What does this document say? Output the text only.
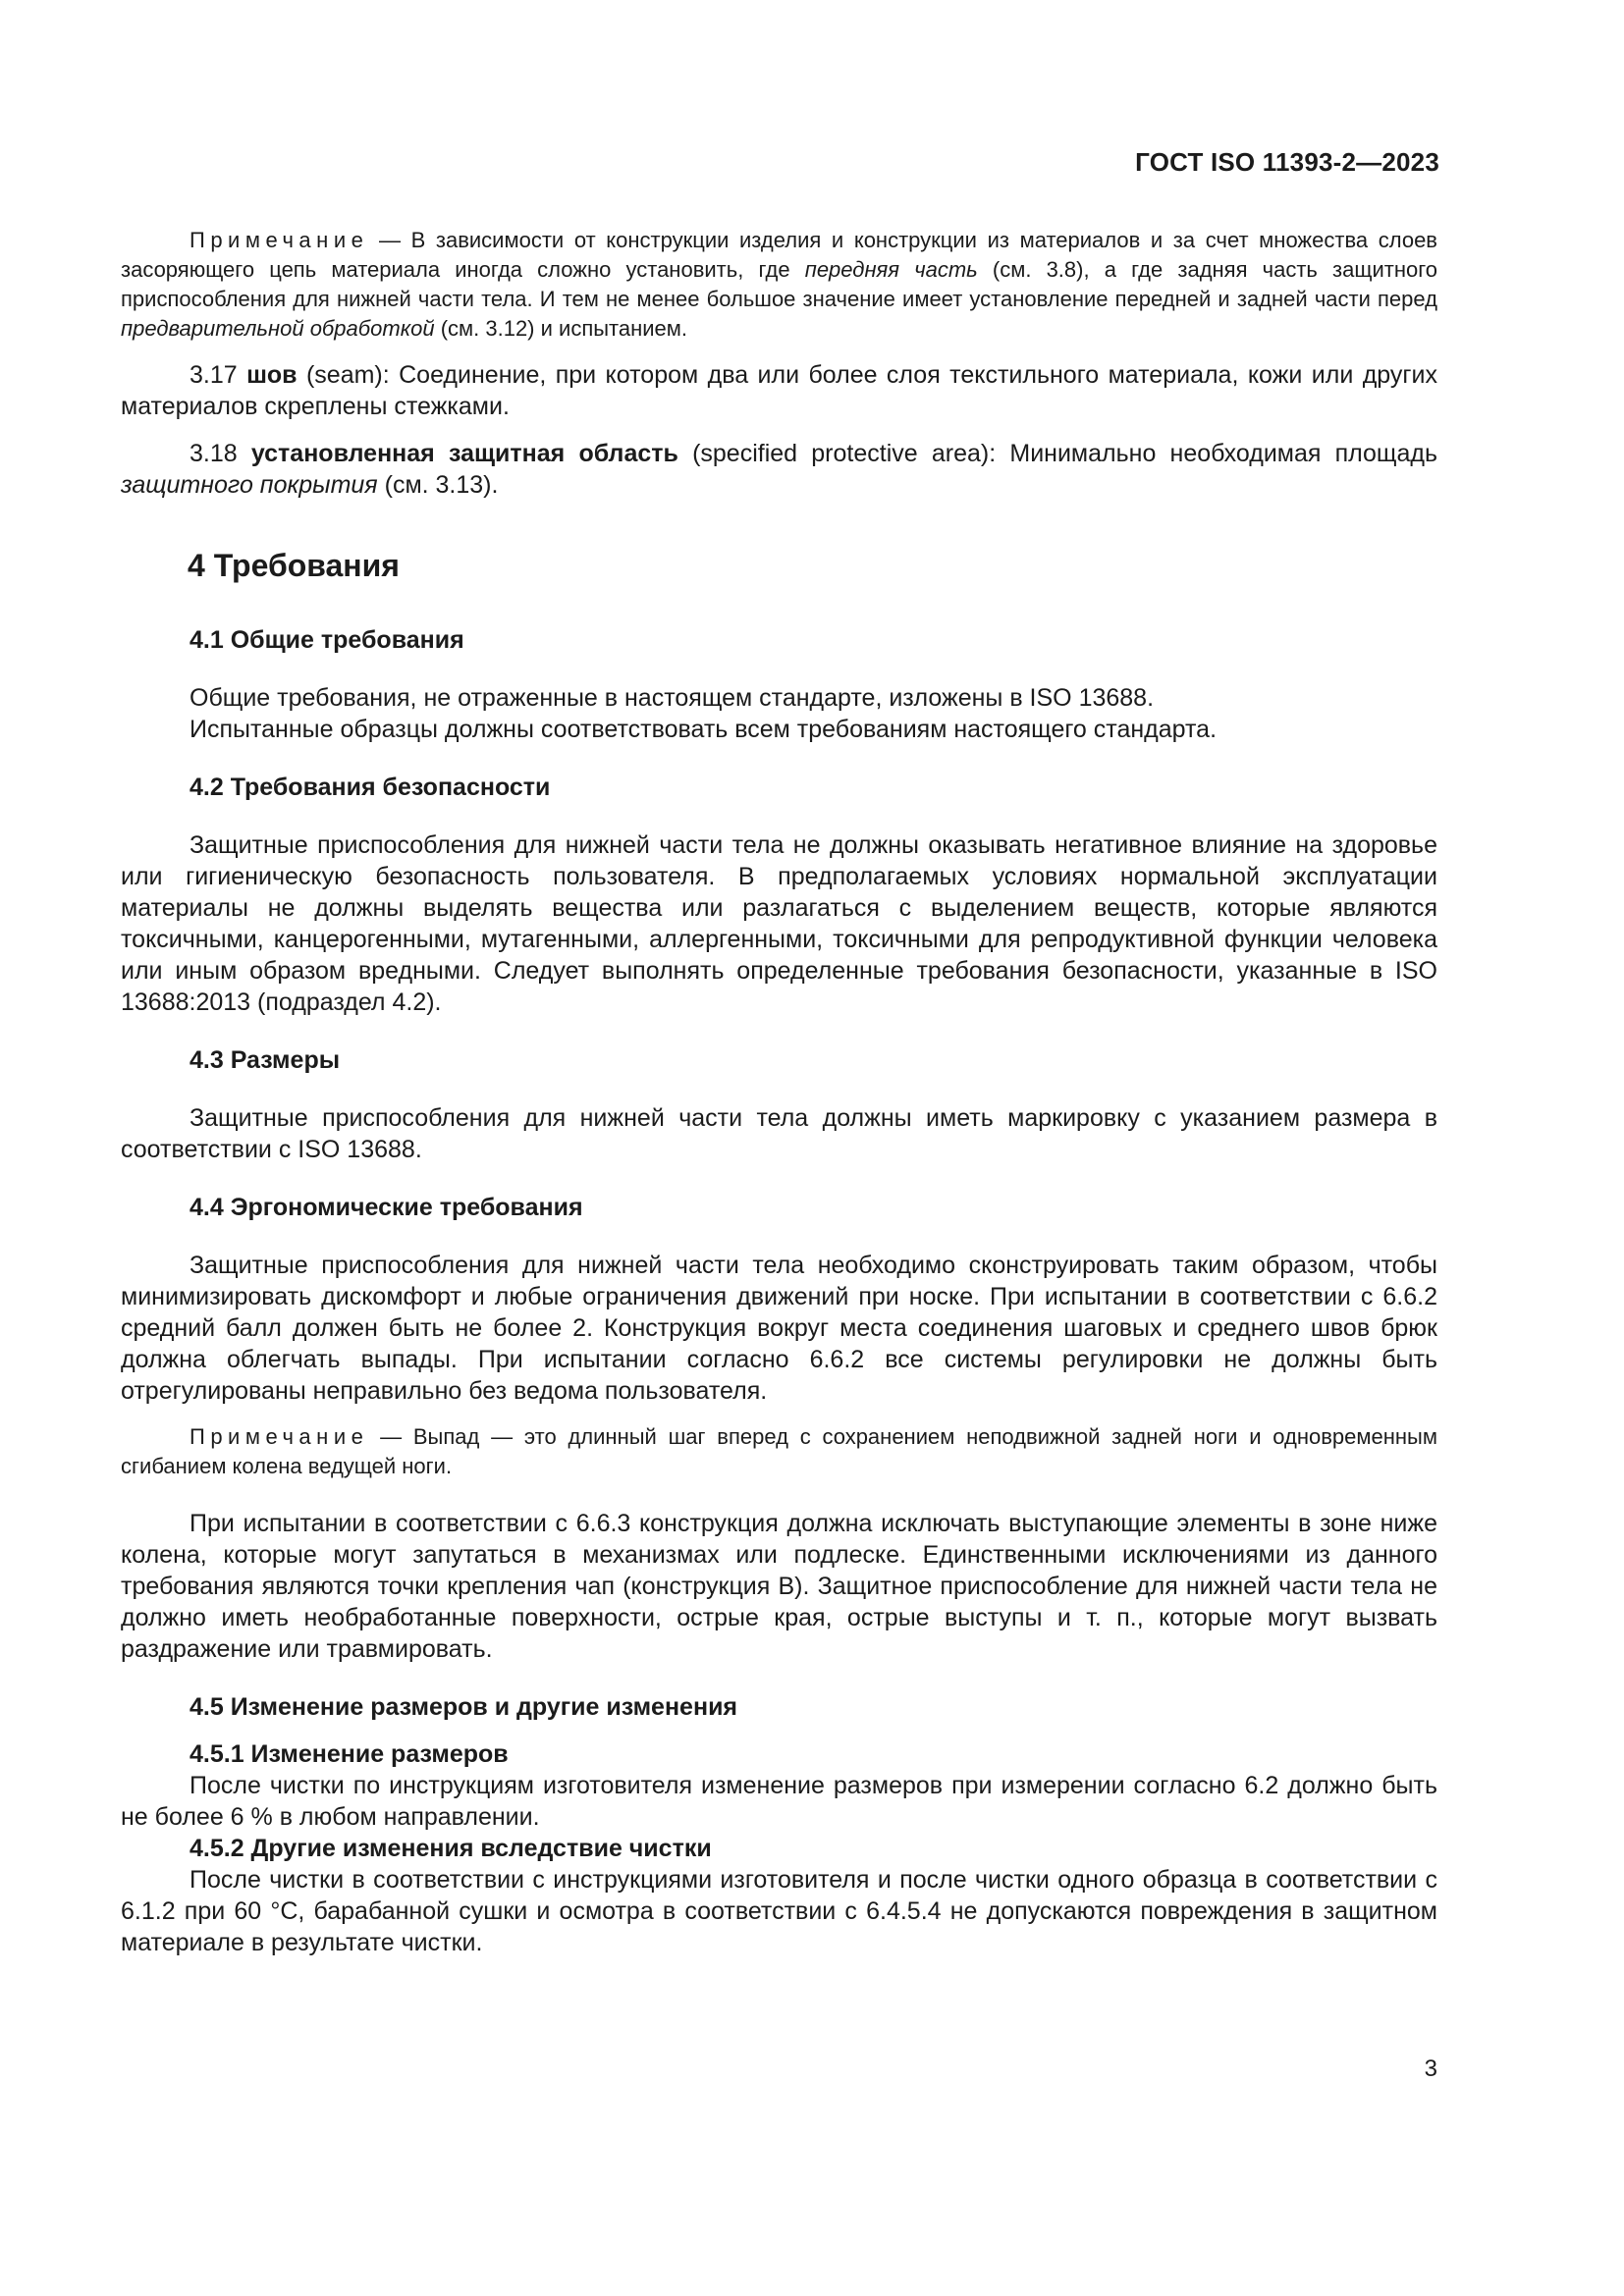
ГОСТ ISO 11393-2—2023

Примечание — В зависимости от конструкции изделия и конструкции из материалов и за счет множества слоев засоряющего цепь материала иногда сложно установить, где передняя часть (см. 3.8), а где задняя часть защитного приспособления для нижней части тела. И тем не менее большое значение имеет установление передней и задней части перед предварительной обработкой (см. 3.12) и испытанием.

3.17 шов (seam): Соединение, при котором два или более слоя текстильного материала, кожи или других материалов скреплены стежками.

3.18 установленная защитная область (specified protective area): Минимально необходимая площадь защитного покрытия (см. 3.13).

4 Требования
4.1 Общие требования

Общие требования, не отраженные в настоящем стандарте, изложены в ISO 13688.

Испытанные образцы должны соответствовать всем требованиям настоящего стандарта.

4.2 Требования безопасности

Защитные приспособления для нижней части тела не должны оказывать негативное влияние на здоровье или гигиеническую безопасность пользователя. В предполагаемых условиях нормальной эксплуатации материалы не должны выделять вещества или разлагаться с выделением веществ, которые являются токсичными, канцерогенными, мутагенными, аллергенными, токсичными для репродуктивной функции человека или иным образом вредными. Следует выполнять определенные требования безопасности, указанные в ISO 13688:2013 (подраздел 4.2).

4.3 Размеры

Защитные приспособления для нижней части тела должны иметь маркировку с указанием размера в соответствии с ISO 13688.

4.4 Эргономические требования

Защитные приспособления для нижней части тела необходимо сконструировать таким образом, чтобы минимизировать дискомфорт и любые ограничения движений при носке. При испытании в соответствии с 6.6.2 средний балл должен быть не более 2. Конструкция вокруг места соединения шаговых и среднего швов брюк должна облегчать выпады. При испытании согласно 6.6.2 все системы регулировки не должны быть отрегулированы неправильно без ведома пользователя.

Примечание — Выпад — это длинный шаг вперед с сохранением неподвижной задней ноги и одновременным сгибанием колена ведущей ноги.

При испытании в соответствии с 6.6.3 конструкция должна исключать выступающие элементы в зоне ниже колена, которые могут запутаться в механизмах или подлеске. Единственными исключениями из данного требования являются точки крепления чап (конструкция В). Защитное приспособление для нижней части тела не должно иметь необработанные поверхности, острые края, острые выступы и т. п., которые могут вызвать раздражение или травмировать.

4.5 Изменение размеров и другие изменения
4.5.1 Изменение размеров

После чистки по инструкциям изготовителя изменение размеров при измерении согласно 6.2 должно быть не более 6 % в любом направлении.

4.5.2 Другие изменения вследствие чистки

После чистки в соответствии с инструкциями изготовителя и после чистки одного образца в соответствии с 6.1.2 при 60 °С, барабанной сушки и осмотра в соответствии с 6.4.5.4 не допускаются повреждения в защитном материале в результате чистки.

3
